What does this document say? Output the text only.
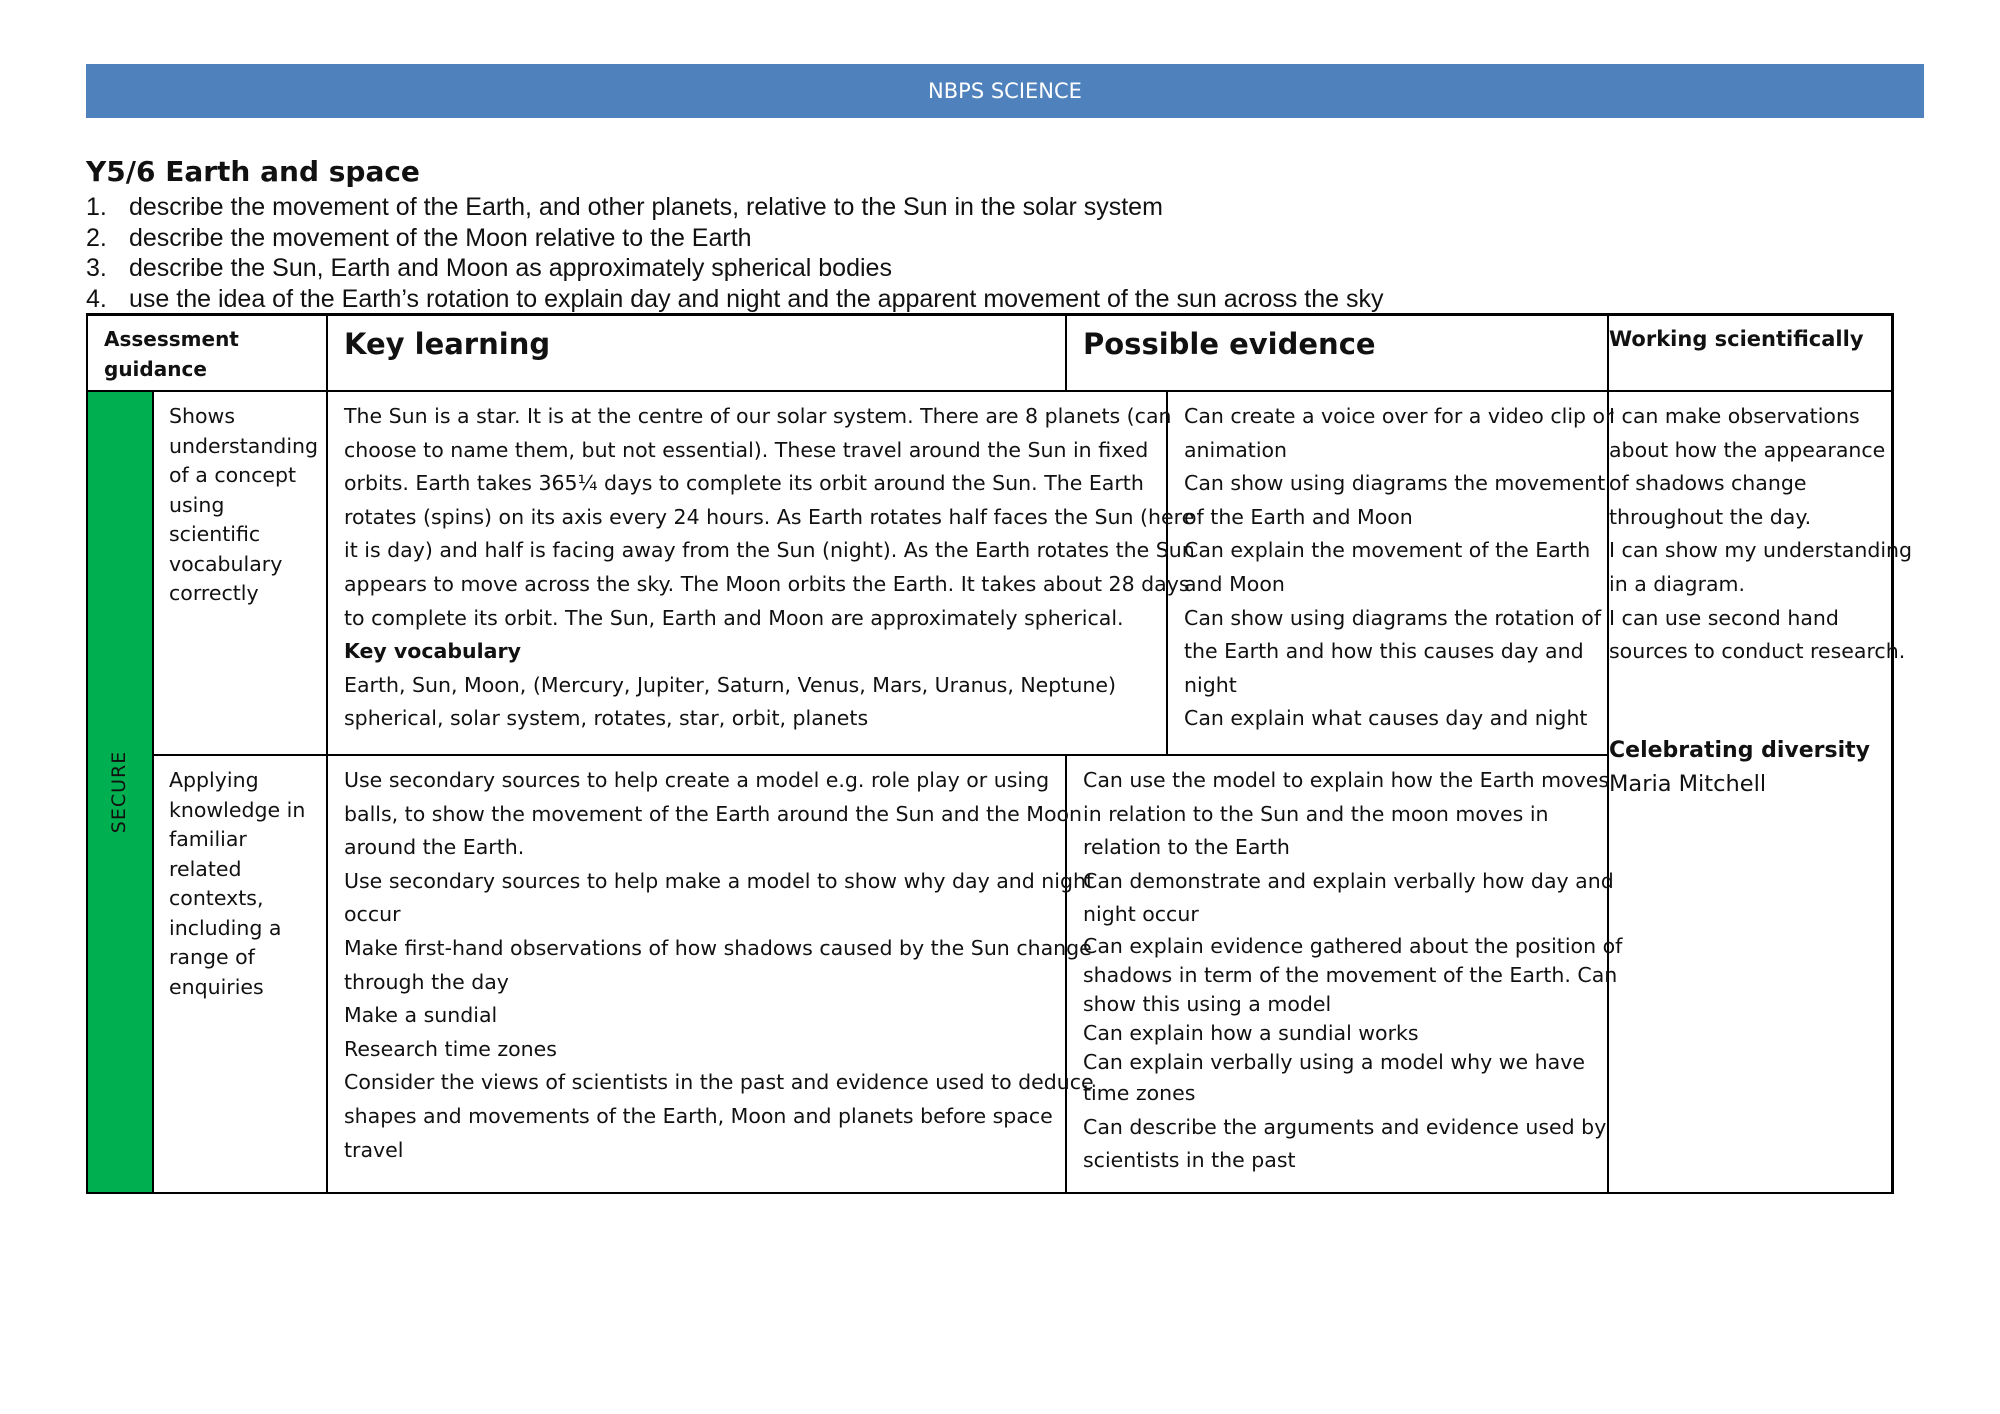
NBPS SCIENCE
Y5/6 Earth and space
1. describe the movement of the Earth, and other planets, relative to the Sun in the solar system
2. describe the movement of the Moon relative to the Earth
3. describe the Sun, Earth and Moon as approximately spherical bodies
4. use the idea of the Earth’s rotation to explain day and night and the apparent movement of the sun across the sky
SECURE
Assessment
guidance
Key learning	Possible evidence	Working scientifically

Shows

understanding

of a concept

using

scientific

vocabulary

correctly

The Sun is a star. It is at the centre of our solar system. There are 8 planets (can

choose to name them, but not essential). These travel around the Sun in fixed

orbits. Earth takes 365¼ days to complete its orbit around the Sun. The Earth

rotates (spins) on its axis every 24 hours. As Earth rotates half faces the Sun (here

it is day) and half is facing away from the Sun (night). As the Earth rotates the Sun

appears to move across the sky. The Moon orbits the Earth. It takes about 28 days

to complete its orbit. The Sun, Earth and Moon are approximately spherical.

Key vocabulary

Earth, Sun, Moon, (Mercury, Jupiter, Saturn, Venus, Mars, Uranus, Neptune)

spherical, solar system, rotates, star, orbit, planets

Can create a voice over for a video clip or

animation

Can show using diagrams the movement

of the Earth and Moon

Can explain the movement of the Earth

and Moon

Can show using diagrams the rotation of

the Earth and how this causes day and

night

Can explain what causes day and night

I can make observations

about how the appearance

of shadows change

throughout the day.

I can show my understanding

in a diagram.

I can use second hand

sources to conduct research.

Celebrating diversity
Maria Mitchell

Applying

knowledge in

familiar

related

contexts,

including a

range of

enquiries

Use secondary sources to help create a model e.g. role play or using

balls, to show the movement of the Earth around the Sun and the Moon

around the Earth.

Use secondary sources to help make a model to show why day and night

occur

Make first-hand observations of how shadows caused by the Sun change

through the day

Make a sundial

Research time zones

Consider the views of scientists in the past and evidence used to deduce

shapes and movements of the Earth, Moon and planets before space

travel

Can use the model to explain how the Earth moves

in relation to the Sun and the moon moves in

relation to the Earth

Can demonstrate and explain verbally how day and

night occur

Can explain evidence gathered about the position of

shadows in term of the movement of the Earth. Can

show this using a model

Can explain how a sundial works

Can explain verbally using a model why we have

time zones

Can describe the arguments and evidence used by

scientists in the past
